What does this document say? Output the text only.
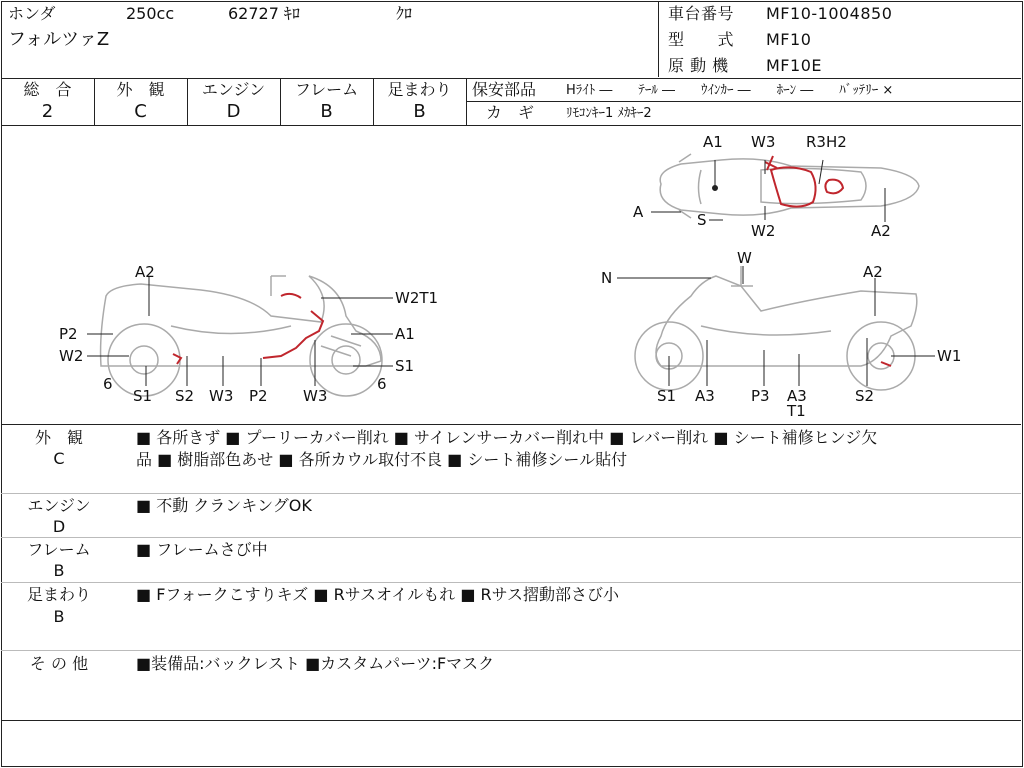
ホンダ	250cc	62727 ｷﾛ	ｸﾛ
フォルツァZ
車台番号 MF10-1004850
型　　式 MF10
原 動 機 MF10E
総　合	外　観	エンジン	フレーム	足まわり
2	C	D	B	B
保安部品 Hﾗｲﾄ ―　　ﾃｰﾙ ―　　ｳｲﾝｶｰ ―　　ﾎｰﾝ ―　　ﾊﾞｯﾃﾘｰ ×
カ　ギ ﾘﾓｺﾝｷｰ1 ﾒｶｷｰ2
A1 W3 R3H2
A	S
W2	A2
A2
W2T1
P2	A1
W2
S1
6	6
S1 S2 W3 P2 W3
N
W
A2
W1
S1 A3 P3 A3
T1
S2
外　観
C
■ 各所きず ■ プーリーカバー削れ ■ サイレンサーカバー削れ中 ■ レバー削れ ■ シート補修ヒンジ欠
品 ■ 樹脂部色あせ ■ 各所カウル取付不良 ■ シート補修シール貼付
エンジン
D
■ 不動 クランキングOK
フレーム
B
■ フレームさび中
足まわり
B
■ Fフォークこすりキズ ■ Rサスオイルもれ ■ Rサス摺動部さび小
そ の 他	■装備品:バックレスト ■カスタムパーツ:Fマスク
